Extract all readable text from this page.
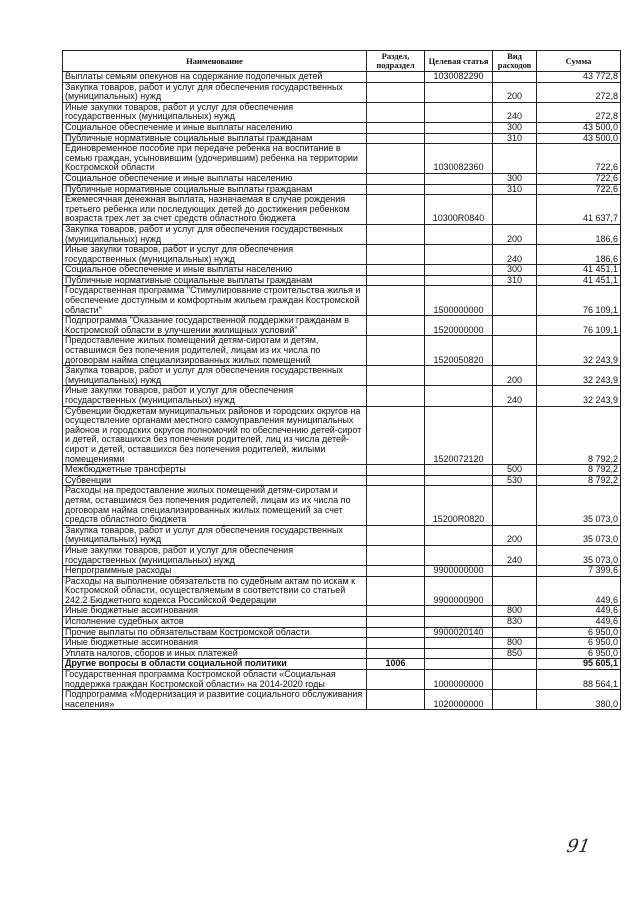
Наименование	Раздел, подраздел	Целевая статья	Вид расходов	Сумма
Выплаты семьям опекунов на содержание подопечных детей		1030082290		43 772,8
Закупка товаров, работ и услуг для обеспечения государственных (муниципальных) нужд			200	272,8
Иные закупки товаров, работ и услуг для обеспечения государственных (муниципальных) нужд			240	272,8
Социальное обеспечение и иные выплаты населению			300	43 500,0
Публичные нормативные социальные выплаты гражданам			310	43 500,0
Единовременное пособие при передаче ребенка на воспитание в семью граждан, усыновившим (удочерившим) ребенка на территории Костромской области		1030082360		722,6
Социальное обеспечение и иные выплаты населению			300	722,6
Публичные нормативные социальные выплаты гражданам			310	722,6
Ежемесячная денежная выплата, назначаемая в случае рождения третьего ребенка или последующих детей до достижения ребенком возраста трех лет за счет средств областного бюджета		10300R0840		41 637,7
Закупка товаров, работ и услуг для обеспечения государственных (муниципальных) нужд			200	186,6
Иные закупки товаров, работ и услуг для обеспечения государственных (муниципальных) нужд			240	186,6
Социальное обеспечение и иные выплаты населению			300	41 451,1
Публичные нормативные социальные выплаты гражданам			310	41 451,1
Государственная программа "Стимулирование строительства жилья и обеспечение доступным и комфортным жильем граждан Костромской области"		1500000000		76 109,1
Подпрограмма "Оказание государственной поддержки гражданам в Костромской области в улучшении жилищных условий"		1520000000		76 109,1
Предоставление жилых помещений детям-сиротам и детям, оставшимся без попечения родителей, лицам из их числа по договорам найма специализированных жилых помещений		1520050820		32 243,9
Закупка товаров, работ и услуг для обеспечения государственных (муниципальных) нужд			200	32 243,9
Иные закупки товаров, работ и услуг для обеспечения государственных (муниципальных) нужд			240	32 243,9
Субвенции бюджетам муниципальных районов и городских округов на осуществление органами местного самоуправления муниципальных районов и городских округов полномочий по обеспечению детей-сирот и детей, оставшихся без попечения родителей, лиц из числа детей-сирот и детей, оставшихся без попечения родителей, жилыми помещениями		1520072120		8 792,2
Межбюджетные трансферты			500	8 792,2
Субвенции			530	8 792,2
Расходы на предоставление жилых помещений детям-сиротам и детям, оставшимся без попечения родителей, лицам из их числа по договорам найма специализированных жилых помещений за счет средств областного бюджета		15200R0820		35 073,0
Закупка товаров, работ и услуг для обеспечения государственных (муниципальных) нужд			200	35 073,0
Иные закупки товаров, работ и услуг для обеспечения государственных (муниципальных) нужд			240	35 073,0
Непрограммные расходы		9900000000		7 399,6
Расходы на выполнение обязательств по судебным актам по искам к Костромской области, осуществляемым в соответствии со статьей 242.2 Бюджетного кодекса Российской Федерации		9900000900		449,6
Иные бюджетные ассигнования			800	449,6
Исполнение судебных актов			830	449,6
Прочие выплаты по обязательствам Костромской области		9900020140		6 950,0
Иные бюджетные ассигнования			800	6 950,0
Уплата налогов, сборов и иных платежей			850	6 950,0
Другие вопросы в области социальной политики	1006			95 605,1
Государственная программа Костромской области «Социальная поддержка граждан Костромской области» на 2014-2020 годы		1000000000		88 564,1
Подпрограмма «Модернизация и развитие социального обслуживания населения»		1020000000		380,0
91
